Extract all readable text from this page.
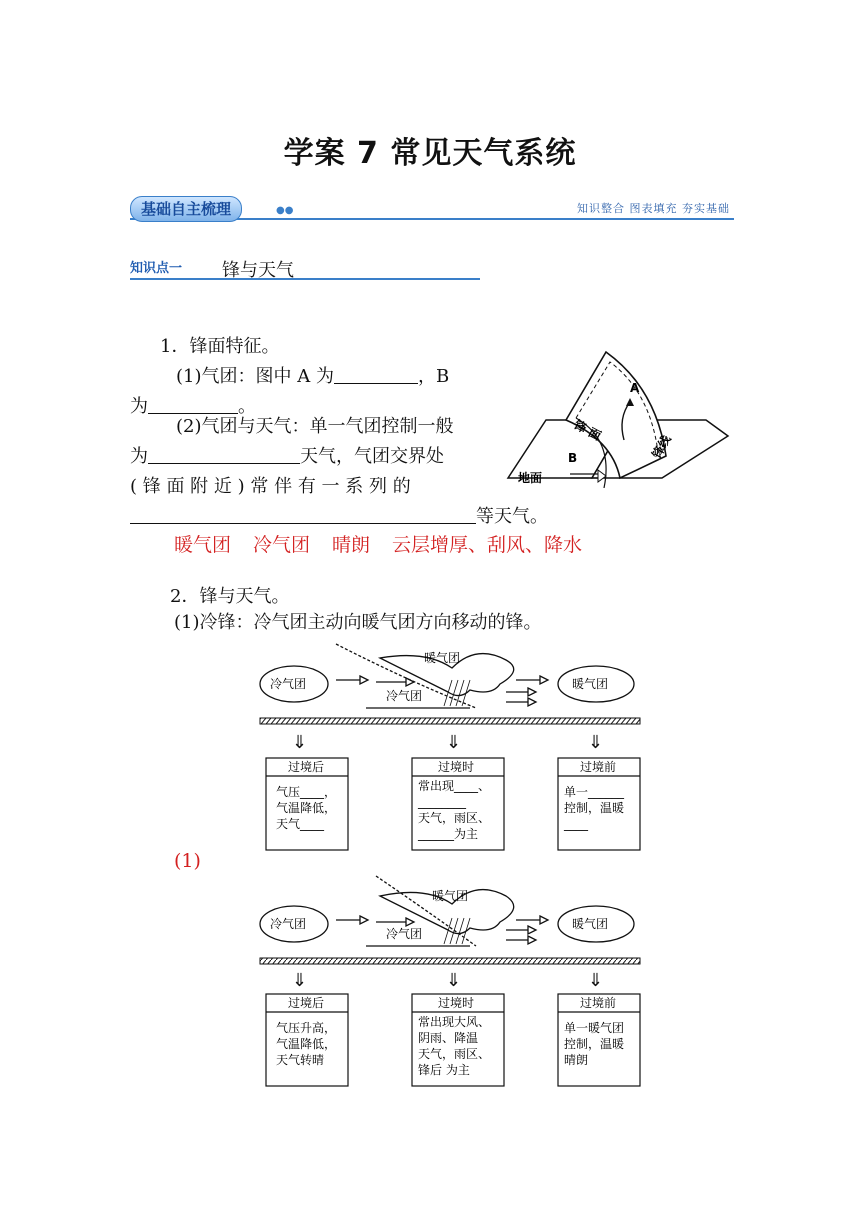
学案 7 常见天气系统
基础自主梳理	●●	知识整合 图表填充 夯实基础
知识点一 锋与天气
1．锋面特征。
(1)气团：图中 A 为	，B
为	。
(2)气团与天气：单一气团控制一般
为	天气，气团交界处
( 锋 面 附 近 ) 常 伴 有 一 系 列 的
等天气。
暖气团 冷气团 晴朗 云层增厚、刮风、降水
A
B
地面
锋 面
锋线
2．锋与天气。
(1)冷锋：冷气团主动向暖气团方向移动的锋。
(1)
冷气团	暖气团
暖气团
冷气团
⇓	⇓	⇓
过境后	过境时	过境前
气压____，
气温降低，
天气____
常出现____、
________
天气，雨区、
______为主
单一______
控制，温暖
____
冷气团	暖气团
暖气团
冷气团
⇓	⇓	⇓
过境后	过境时	过境前
气压升高，
气温降低，
天气转晴
常出现大风、
阴雨、降温
天气，雨区、
锋后 为主
单一暖气团
控制，温暖
晴朗
